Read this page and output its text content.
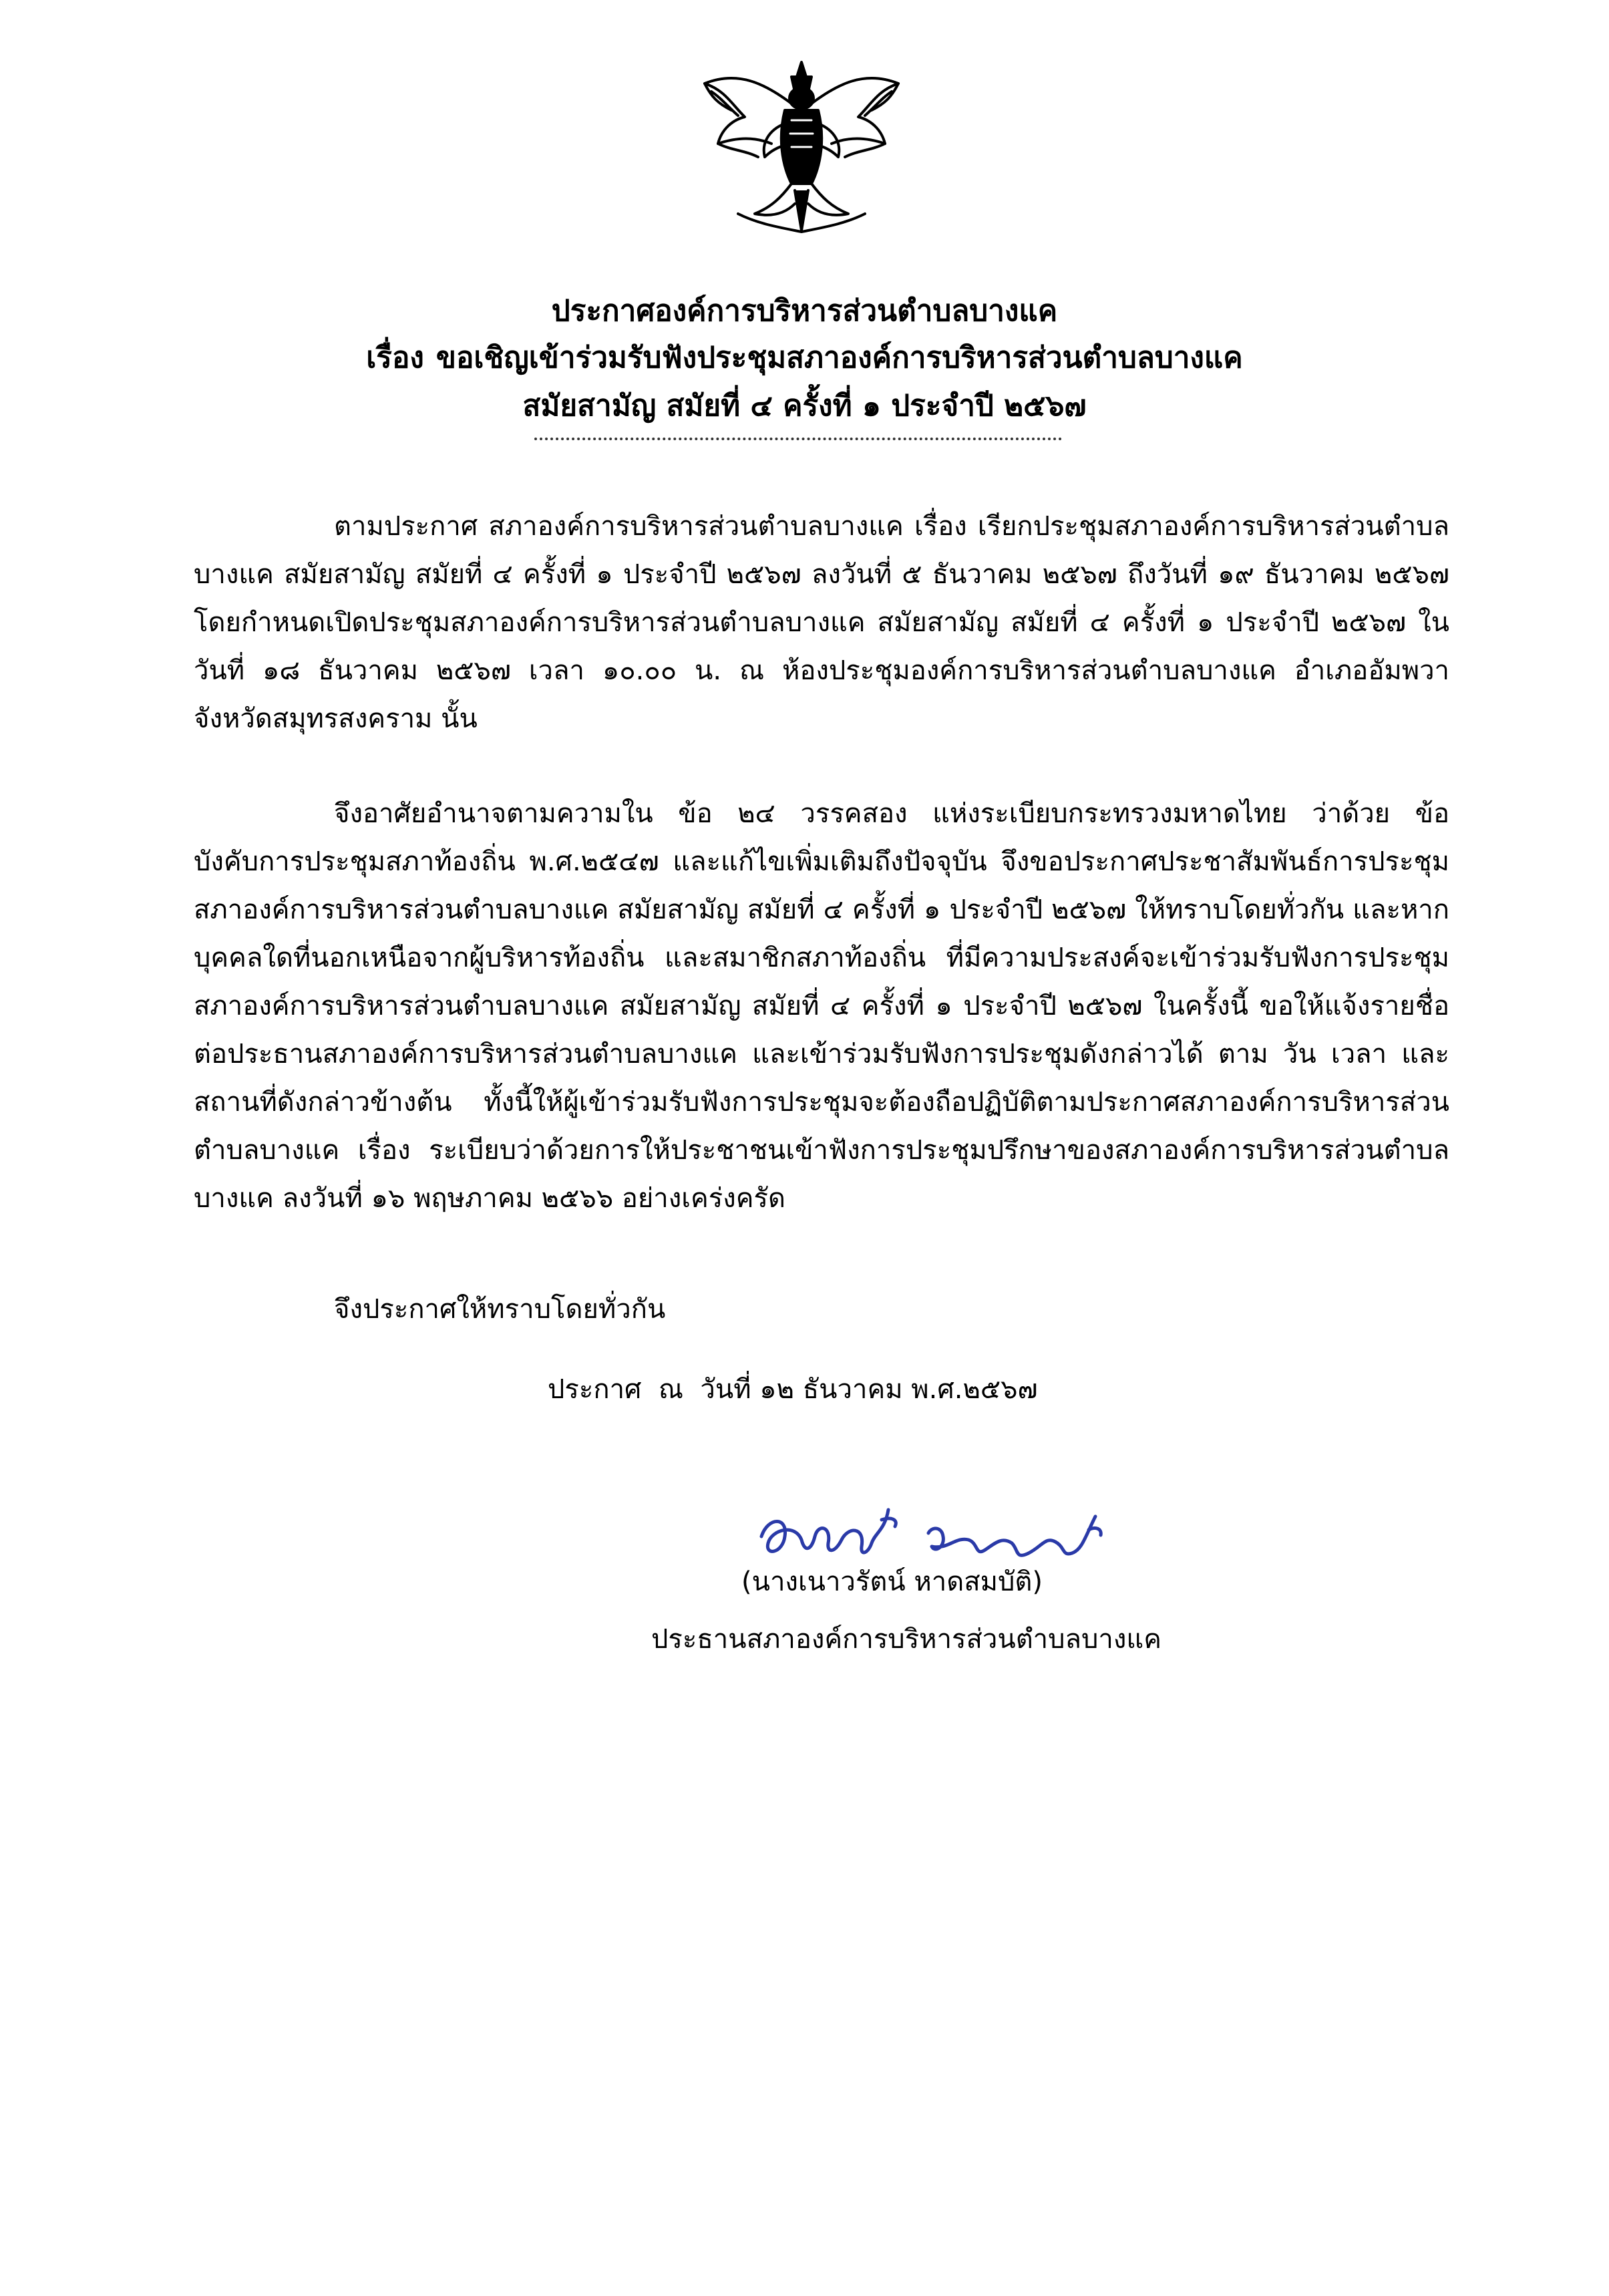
ประกาศองค์การบริหารส่วนตำบลบางแค
เรื่อง ขอเชิญเข้าร่วมรับฟังประชุมสภาองค์การบริหารส่วนตำบลบางแค
สมัยสามัญ สมัยที่ ๔ ครั้งที่ ๑ ประจำปี ๒๕๖๗

ตามประกาศ สภาองค์การบริหารส่วนตำบลบางแค เรื่อง เรียกประชุมสภาองค์การบริหารส่วนตำบลบางแค สมัยสามัญ สมัยที่ ๔ ครั้งที่ ๑ ประจำปี ๒๕๖๗ ลงวันที่ ๕ ธันวาคม ๒๕๖๗ ถึงวันที่ ๑๙ ธันวาคม ๒๕๖๗ โดยกำหนดเปิดประชุมสภาองค์การบริหารส่วนตำบลบางแค สมัยสามัญ สมัยที่ ๔ ครั้งที่ ๑ ประจำปี ๒๕๖๗ ในวันที่ ๑๘ ธันวาคม ๒๕๖๗ เวลา ๑๐.๐๐ น. ณ ห้องประชุมองค์การบริหารส่วนตำบลบางแค อำเภออัมพวา จังหวัดสมุทรสงคราม นั้น

จึงอาศัยอำนาจตามความใน ข้อ ๒๔ วรรคสอง แห่งระเบียบกระทรวงมหาดไทย ว่าด้วย ข้อบังคับการประชุมสภาท้องถิ่น พ.ศ.๒๕๔๗ และแก้ไขเพิ่มเติมถึงปัจจุบัน จึงขอประกาศประชาสัมพันธ์การประชุมสภาองค์การบริหารส่วนตำบลบางแค สมัยสามัญ สมัยที่ ๔ ครั้งที่ ๑ ประจำปี ๒๕๖๗ ให้ทราบโดยทั่วกัน และหากบุคคลใดที่นอกเหนือจากผู้บริหารท้องถิ่น และสมาชิกสภาท้องถิ่น ที่มีความประสงค์จะเข้าร่วมรับฟังการประชุมสภาองค์การบริหารส่วนตำบลบางแค สมัยสามัญ สมัยที่ ๔ ครั้งที่ ๑ ประจำปี ๒๕๖๗ ในครั้งนี้ ขอให้แจ้งรายชื่อต่อประธานสภาองค์การบริหารส่วนตำบลบางแค และเข้าร่วมรับฟังการประชุมดังกล่าวได้ ตาม วัน เวลา และสถานที่ดังกล่าวข้างต้น ทั้งนี้ให้ผู้เข้าร่วมรับฟังการประชุมจะต้องถือปฏิบัติตามประกาศสภาองค์การบริหารส่วนตำบลบางแค เรื่อง ระเบียบว่าด้วยการให้ประชาชนเข้าฟังการประชุมปรึกษาของสภาองค์การบริหารส่วนตำบลบางแค ลงวันที่ ๑๖ พฤษภาคม ๒๕๖๖ อย่างเคร่งครัด

จึงประกาศให้ทราบโดยทั่วกัน
ประกาศ  ณ  วันที่ ๑๒ ธันวาคม พ.ศ.๒๕๖๗
(นางเนาวรัตน์ หาดสมบัติ)
ประธานสภาองค์การบริหารส่วนตำบลบางแค
